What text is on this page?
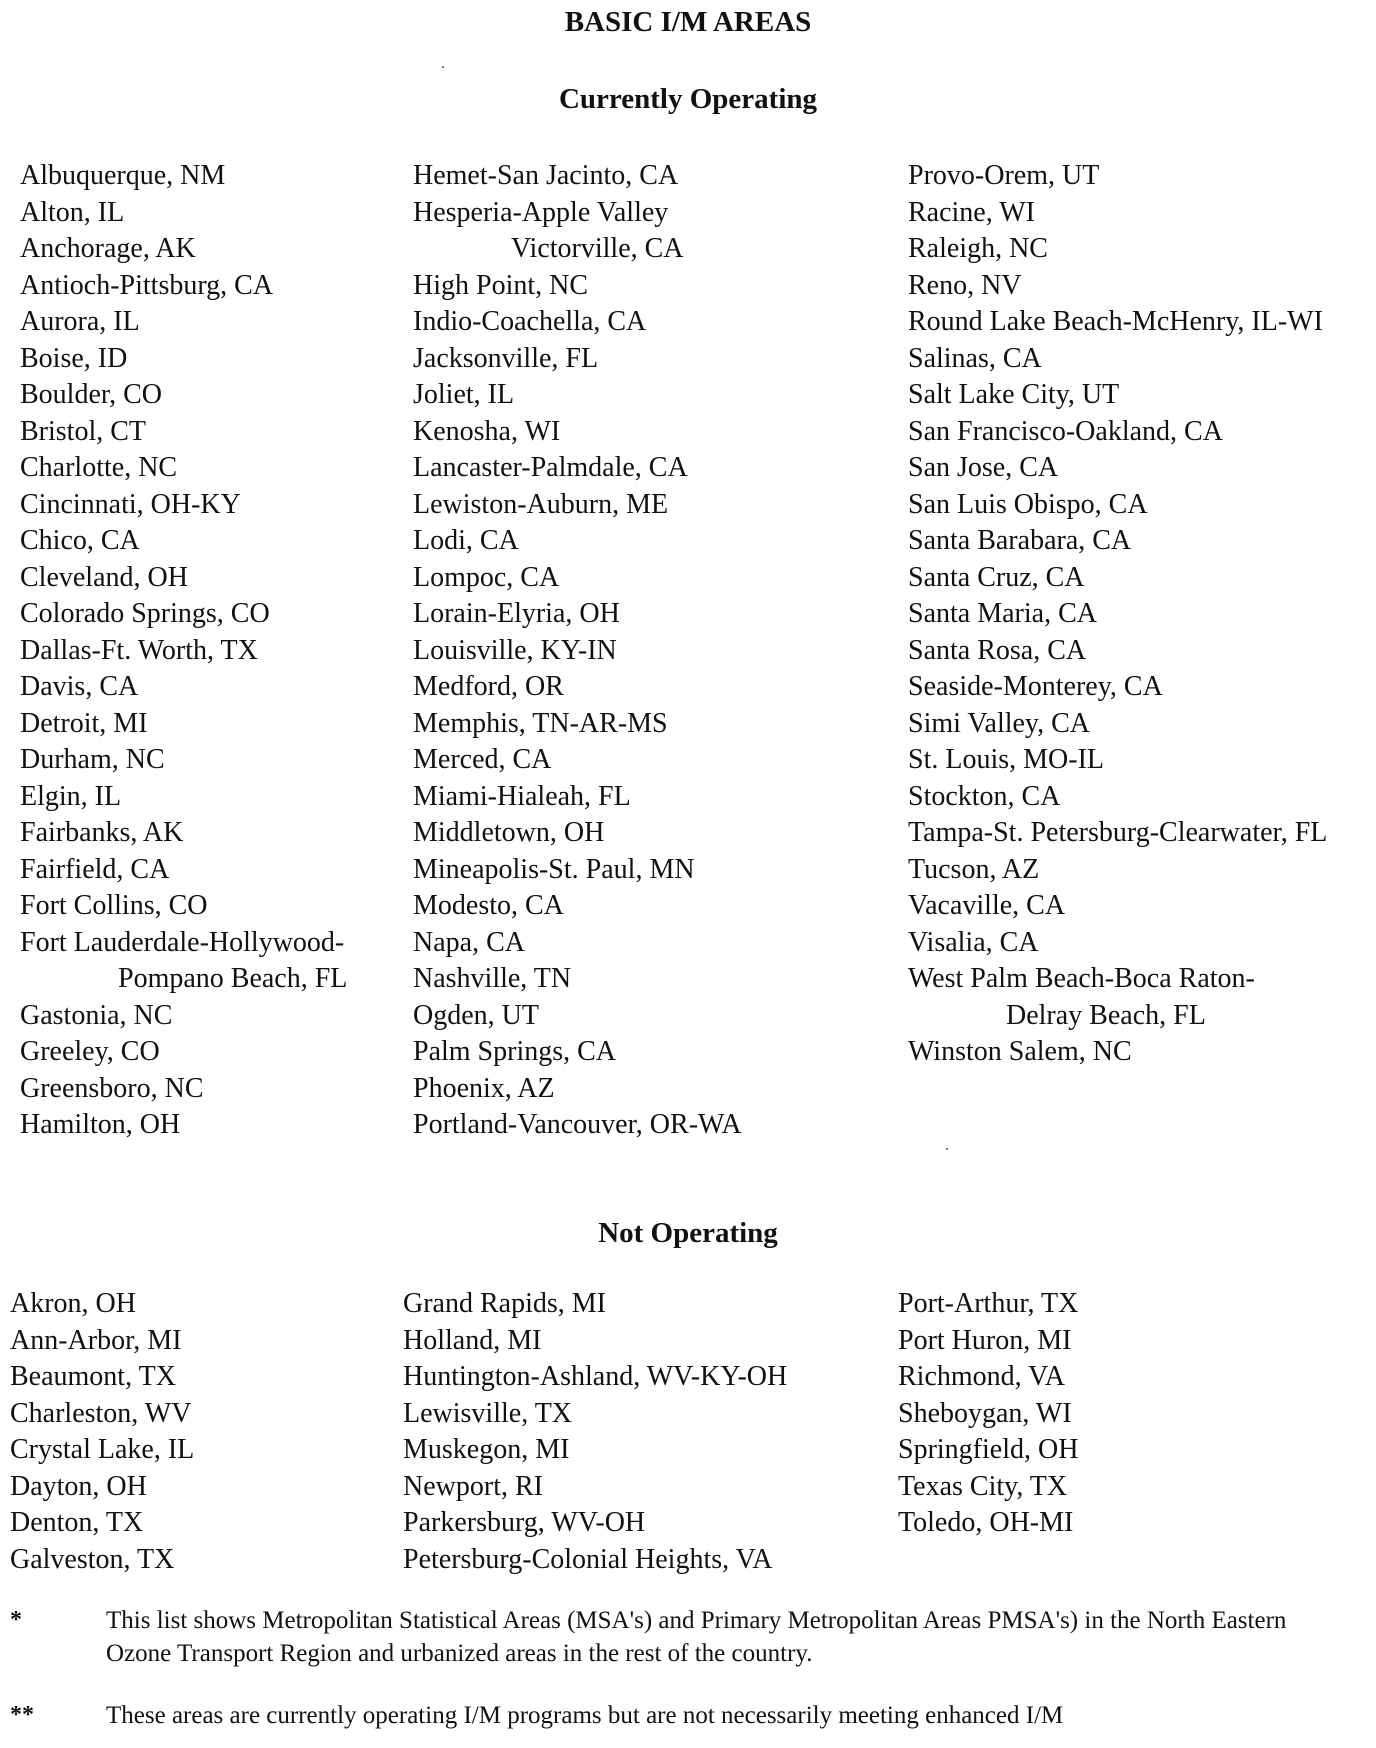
BASIC I/M AREAS
Currently Operating
Albuquerque, NM
Alton, IL
Anchorage, AK
Antioch-Pittsburg, CA
Aurora, IL
Boise, ID
Boulder, CO
Bristol, CT
Charlotte, NC
Cincinnati, OH-KY
Chico, CA
Cleveland, OH
Colorado Springs, CO
Dallas-Ft. Worth, TX
Davis, CA
Detroit, MI
Durham, NC
Elgin, IL
Fairbanks, AK
Fairfield, CA
Fort Collins, CO
Fort Lauderdale-Hollywood-
Pompano Beach, FL
Gastonia, NC
Greeley, CO
Greensboro, NC
Hamilton, OH
Hemet-San Jacinto, CA
Hesperia-Apple Valley
Victorville, CA
High Point, NC
Indio-Coachella, CA
Jacksonville, FL
Joliet, IL
Kenosha, WI
Lancaster-Palmdale, CA
Lewiston-Auburn, ME
Lodi, CA
Lompoc, CA
Lorain-Elyria, OH
Louisville, KY-IN
Medford, OR
Memphis, TN-AR-MS
Merced, CA
Miami-Hialeah, FL
Middletown, OH
Mineapolis-St. Paul, MN
Modesto, CA
Napa, CA
Nashville, TN
Ogden, UT
Palm Springs, CA
Phoenix, AZ
Portland-Vancouver, OR-WA
Provo-Orem, UT
Racine, WI
Raleigh, NC
Reno, NV
Round Lake Beach-McHenry, IL-WI
Salinas, CA
Salt Lake City, UT
San Francisco-Oakland, CA
San Jose, CA
San Luis Obispo, CA
Santa Barabara, CA
Santa Cruz, CA
Santa Maria, CA
Santa Rosa, CA
Seaside-Monterey, CA
Simi Valley, CA
St. Louis, MO-IL
Stockton, CA
Tampa-St. Petersburg-Clearwater, FL
Tucson, AZ
Vacaville, CA
Visalia, CA
West Palm Beach-Boca Raton-
Delray Beach, FL
Winston Salem, NC
Not Operating
Akron, OH
Ann-Arbor, MI
Beaumont, TX
Charleston, WV
Crystal Lake, IL
Dayton, OH
Denton, TX
Galveston, TX
Grand Rapids, MI
Holland, MI
Huntington-Ashland, WV-KY-OH
Lewisville, TX
Muskegon, MI
Newport, RI
Parkersburg, WV-OH
Petersburg-Colonial Heights, VA
Port-Arthur, TX
Port Huron, MI
Richmond, VA
Sheboygan, WI
Springfield, OH
Texas City, TX
Toledo, OH-MI
*	This list shows Metropolitan Statistical Areas (MSA's) and Primary Metropolitan Areas PMSA's) in the North Eastern Ozone Transport Region and urbanized areas in the rest of the country.
**	These areas are currently operating I/M programs but are not necessarily meeting enhanced I/M
